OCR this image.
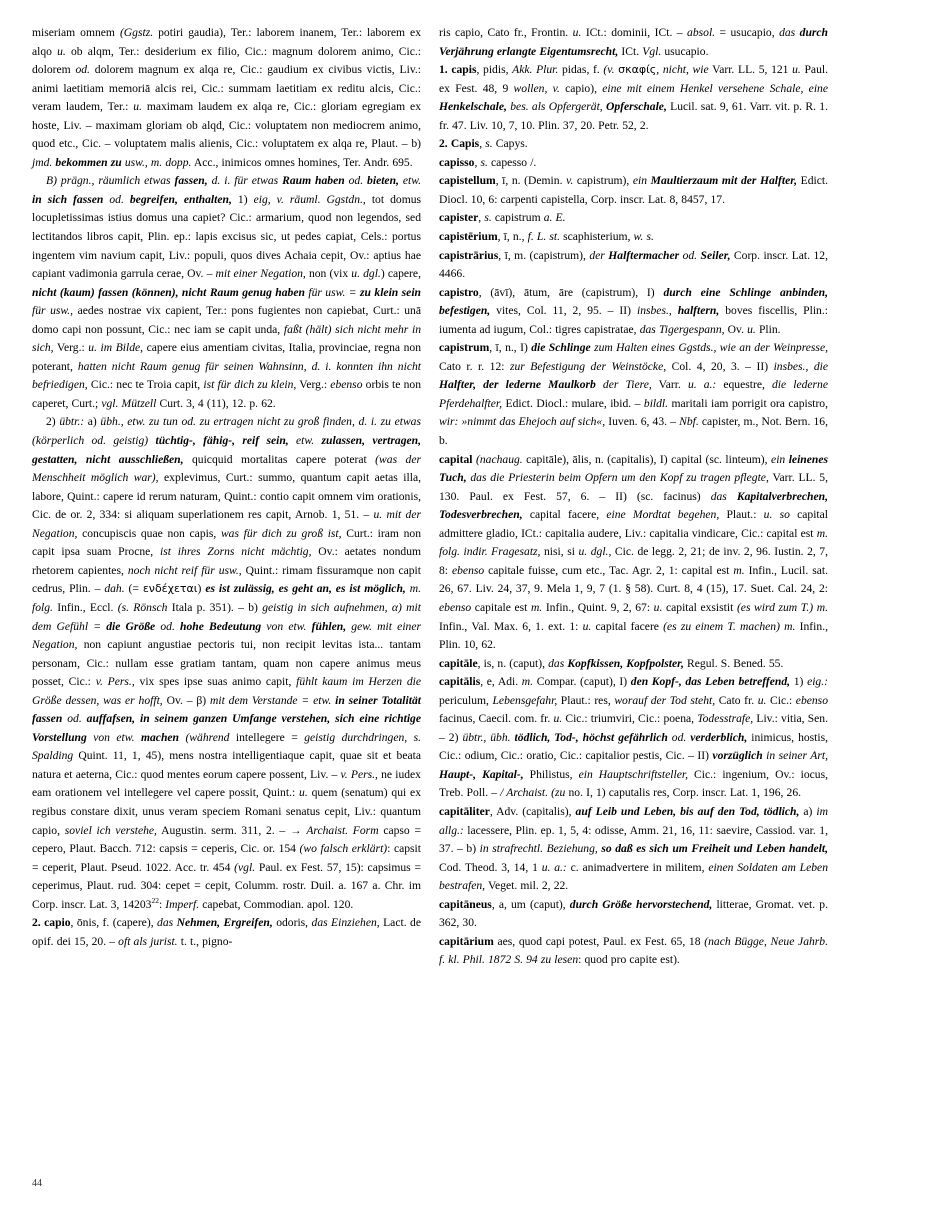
miseriam omnem (Ggstz. potiri gaudia), Ter.: laborem inanem, Ter.: laborem ex alqo u. ob alqm, Ter.: desiderium ex filio, Cic.: magnum dolorem animo, Cic.: dolorem od. dolorem magnum ex alqa re, Cic.: gaudium ex civibus victis, Liv.: animi laetitiam memoriā alcis rei, Cic.: summam laetitiam ex reditu alcis, Cic.: veram laudem, Ter.: u. maximam laudem ex alqa re, Cic.: gloriam egregiam ex hoste, Liv. – maximam gloriam ob alqd, Cic.: voluptatem non mediocrem animo, quod etc., Cic. – voluptatem malis alienis, Cic.: voluptatem ex alqa re, Plaut. – b) jmd. bekommen zu usw., m. dopp. Acc., inimicos omnes homines, Ter. Andr. 695.

B) prägn., räumlich etwas fassen, d. i. für etwas Raum haben od. bieten, etw. in sich fassen od. begreifen, enthalten, 1) eig, v. räuml. Ggstdn., tot domus locupletissimas istius domus una capiet? Cic.: armarium, quod non legendos, sed lectitandos libros capit, Plin. ep.: lapis excisus sic, ut pedes capiat, Cels.: portus ingentem vim navium capit, Liv.: populi, quos dives Achaia cepit, Ov.: aptius hae capiant vadimonia garrula cerae, Ov. – mit einer Negation, non (vix u. dgl.) capere, nicht (kaum) fassen (können), nicht Raum genug haben für usw. = zu klein sein für usw., aedes nostrae vix capient, Ter.: pons fugientes non capiebat, Curt.: unā domo capi non possunt, Cic.: nec iam se capit unda, faßt (hält) sich nicht mehr in sich, Verg.: u. im Bilde, capere eius amentiam civitas, Italia, provinciae, regna non poterant, hatten nicht Raum genug für seinen Wahnsinn, d. i. konnten ihn nicht befriedigen, Cic.: nec te Troia capit, ist für dich zu klein, Verg.: ebenso orbis te non caperet, Curt.; vgl. Mützell Curt. 3, 4 (11), 12. p. 62.

2) übtr.: a) übh., etw. zu tun od. zu ertragen nicht zu groß finden, d. i. zu etwas (körperlich od. geistig) tüchtig-, fähig-, reif sein, etw. zulassen, vertragen, gestatten, nicht ausschließen, quicquid mortalitas capere poterat (was der Menschheit möglich war), explevimus, Curt.: summo, quantum capit aetas illa, labore, Quint.: capere id rerum naturam, Quint.: contio capit omnem vim orationis, Cic. de or. 2, 334: si aliquam superlationem res capit, Arnob. 1, 51. – u. mit der Negation, concupiscis quae non capis, was für dich zu groß ist, Curt.: iram non capit ipsa suam Procne, ist ihres Zorns nicht mächtig, Ov.: aetates nondum rhetorem capientes, noch nicht reif für usw., Quint.: rimam fissuramque non capit cedrus, Plin. – dah. (= ενδέχεται) es ist zulässig, es geht an, es ist möglich, m. folg. Infin., Eccl. (s. Rönsch Itala p. 351). – b) geistig in sich aufnehmen, α) mit dem Gefühl = die Größe od. hohe Bedeutung von etw. fühlen, gew. mit einer Negation, non capiunt angustiae pectoris tui, non recipit levitas ista... tantam personam, Cic.: nullam esse gratiam tantam, quam non capere animus meus posset, Cic.: v. Pers., vix spes ipse suas animo capit, fühlt kaum im Herzen die Größe dessen, was er hofft, Ov. – β) mit dem Verstande = etw. in seiner Totalität fassen od. auffafsen, in seinem ganzen Umfange verstehen, sich eine richtige Vorstellung von etw. machen (während intellegere = geistig durchdringen, s. Spalding Quint. 11, 1, 45), mens nostra intelligentiaque capit, quae sit et beata natura et aeterna, Cic.: quod mentes eorum capere possent, Liv. – v. Pers., ne iudex eam orationem vel intellegere vel capere possit, Quint.: u. quem (senatum) qui ex regibus constare dixit, unus veram speciem Romani senatus cepit, Liv.: quantum capio, soviel ich verstehe, Augustin. serm. 311, 2. – → Archaist. Form capso = cepero, Plaut. Bacch. 712: capsis = ceperis, Cic. or. 154 (wo falsch erklärt): capsit = ceperit, Plaut. Pseud. 1022. Acc. tr. 454 (vgl. Paul. ex Fest. 57, 15): capsimus = ceperimus, Plaut. rud. 304: cepet = cepit, Columm. rostr. Duil. a. 167 a. Chr. im Corp. inscr. Lat. 3, 14203$^{22}$: Imperf. capebat, Commodian. apol. 120.

2. capio, ōnis, f. (capere), das Nehmen, Ergreifen, odoris, das Einziehen, Lact. de opif. dei 15, 20. – oft als jurist. t. t., pigno-

ris capio, Cato fr., Frontin. u. ICt.: dominii, ICt. – absol. = usucapio, das durch Verjährung erlangte Eigentumsrecht, ICt. Vgl. usucapio.

1. capis, pidis, Akk. Plur. pidas, f. (v. σκαφίς, nicht, wie Varr. LL. 5, 121 u. Paul. ex Fest. 48, 9 wollen, v. capio), eine mit einem Henkel versehene Schale, eine Henkelschale, bes. als Opfergerät, Opferschale, Lucil. sat. 9, 61. Varr. vit. p. R. 1. fr. 47. Liv. 10, 7, 10. Plin. 37, 20. Petr. 52, 2.

2. Capis, s. Capys.

capisso, s. capesso /.

capistellum, ī, n. (Demin. v. capistrum), ein Maultierzaum mit der Halfter, Edict. Diocl. 10, 6: carpenti capistella, Corp. inscr. Lat. 8, 8457, 17.

capister, s. capistrum a. E.

capistērium, ī, n., f. L. st. scaphisterium, w. s.

capistrārius, ī, m. (capistrum), der Halftermacher od. Seiler, Corp. inscr. Lat. 12, 4466.

capistro, (āvī), ātum, āre (capistrum), I) durch eine Schlinge anbinden, befestigen, vites, Col. 11, 2, 95. – II) insbes., halftern, boves fiscellis, Plin.: iumenta ad iugum, Col.: tigres capistratae, das Tigergespann, Ov. u. Plin.

capistrum, ī, n., I) die Schlinge zum Halten eines Ggstds., wie an der Weinpresse, Cato r. r. 12: zur Befestigung der Weinstöcke, Col. 4, 20, 3. – II) insbes., die Halfter, der lederne Maulkorb der Tiere, Varr. u. a.: equestre, die lederne Pferdehalfter, Edict. Diocl.: mulare, ibid. – bildl. maritali iam porrigit ora capistro, wir: »nimmt das Ehejoch auf sich«, Iuven. 6, 43. – Nbf. capister, m., Not. Bern. 16, b.

capital (nachaug. capitāle), ālis, n. (capitalis), I) capital (sc. linteum), ein leinenes Tuch, das die Priesterin beim Opfern um den Kopf zu tragen pflegte, Varr. LL. 5, 130. Paul. ex Fest. 57, 6. – II) (sc. facinus) das Kapitalverbrechen, Todesverbrechen, capital facere, eine Mordtat begehen, Plaut.: u. so capital admittere gladio, ICt.: capitalia audere, Liv.: capitalia vindicare, Cic.: capital est m. folg. indir. Fragesatz, nisi, si u. dgl., Cic. de legg. 2, 21; de inv. 2, 96. Iustin. 2, 7, 8: ebenso capitale fuisse, cum etc., Tac. Agr. 2, 1: capital est m. Infin., Lucil. sat. 26, 67. Liv. 24, 37, 9. Mela 1, 9, 7 (1. § 58). Curt. 8, 4 (15), 17. Suet. Cal. 24, 2: ebenso capitale est m. Infin., Quint. 9, 2, 67: u. capital exsistit (es wird zum T.) m. Infin., Val. Max. 6, 1. ext. 1: u. capital facere (es zu einem T. machen) m. Infin., Plin. 10, 62.

capitāle, is, n. (caput), das Kopfkissen, Kopfpolster, Regul. S. Bened. 55.

capitālis, e, Adi. m. Compar. (caput), I) den Kopf-, das Leben betreffend, 1) eig.: periculum, Lebensgefahr, Plaut.: res, worauf der Tod steht, Cato fr. u. Cic.: ebenso facinus, Caecil. com. fr. u. Cic.: triumviri, Cic.: poena, Todesstrafe, Liv.: vitia, Sen. – 2) übtr., übh. tödlich, Tod-, höchst gefährlich od. verderblich, inimicus, hostis, Cic.: odium, Cic.: oratio, Cic.: capitalior pestis, Cic. – II) vorzüglich in seiner Art, Haupt-, Kapital-, Philistus, ein Hauptschriftsteller, Cic.: ingenium, Ov.: iocus, Treb. Poll. – / Archaist. (zu no. I, 1) caputalis res, Corp. inscr. Lat. 1, 196, 26.

capitāliter, Adv. (capitalis), auf Leib und Leben, bis auf den Tod, tödlich, a) im allg.: lacessere, Plin. ep. 1, 5, 4: odisse, Amm. 21, 16, 11: saevire, Cassiod. var. 1, 37. – b) in strafrechtl. Beziehung, so daß es sich um Freiheit und Leben handelt, Cod. Theod. 3, 14, 1 u. a.: c. animadvertere in militem, einen Soldaten am Leben bestrafen, Veget. mil. 2, 22.

capitāneus, a, um (caput), durch Größe hervorstechend, litterae, Gromat. vet. p. 362, 30.

capitārium aes, quod capi potest, Paul. ex Fest. 65, 18 (nach Bügge, Neue Jahrb. f. kl. Phil. 1872 S. 94 zu lesen: quod pro capite est).

44
